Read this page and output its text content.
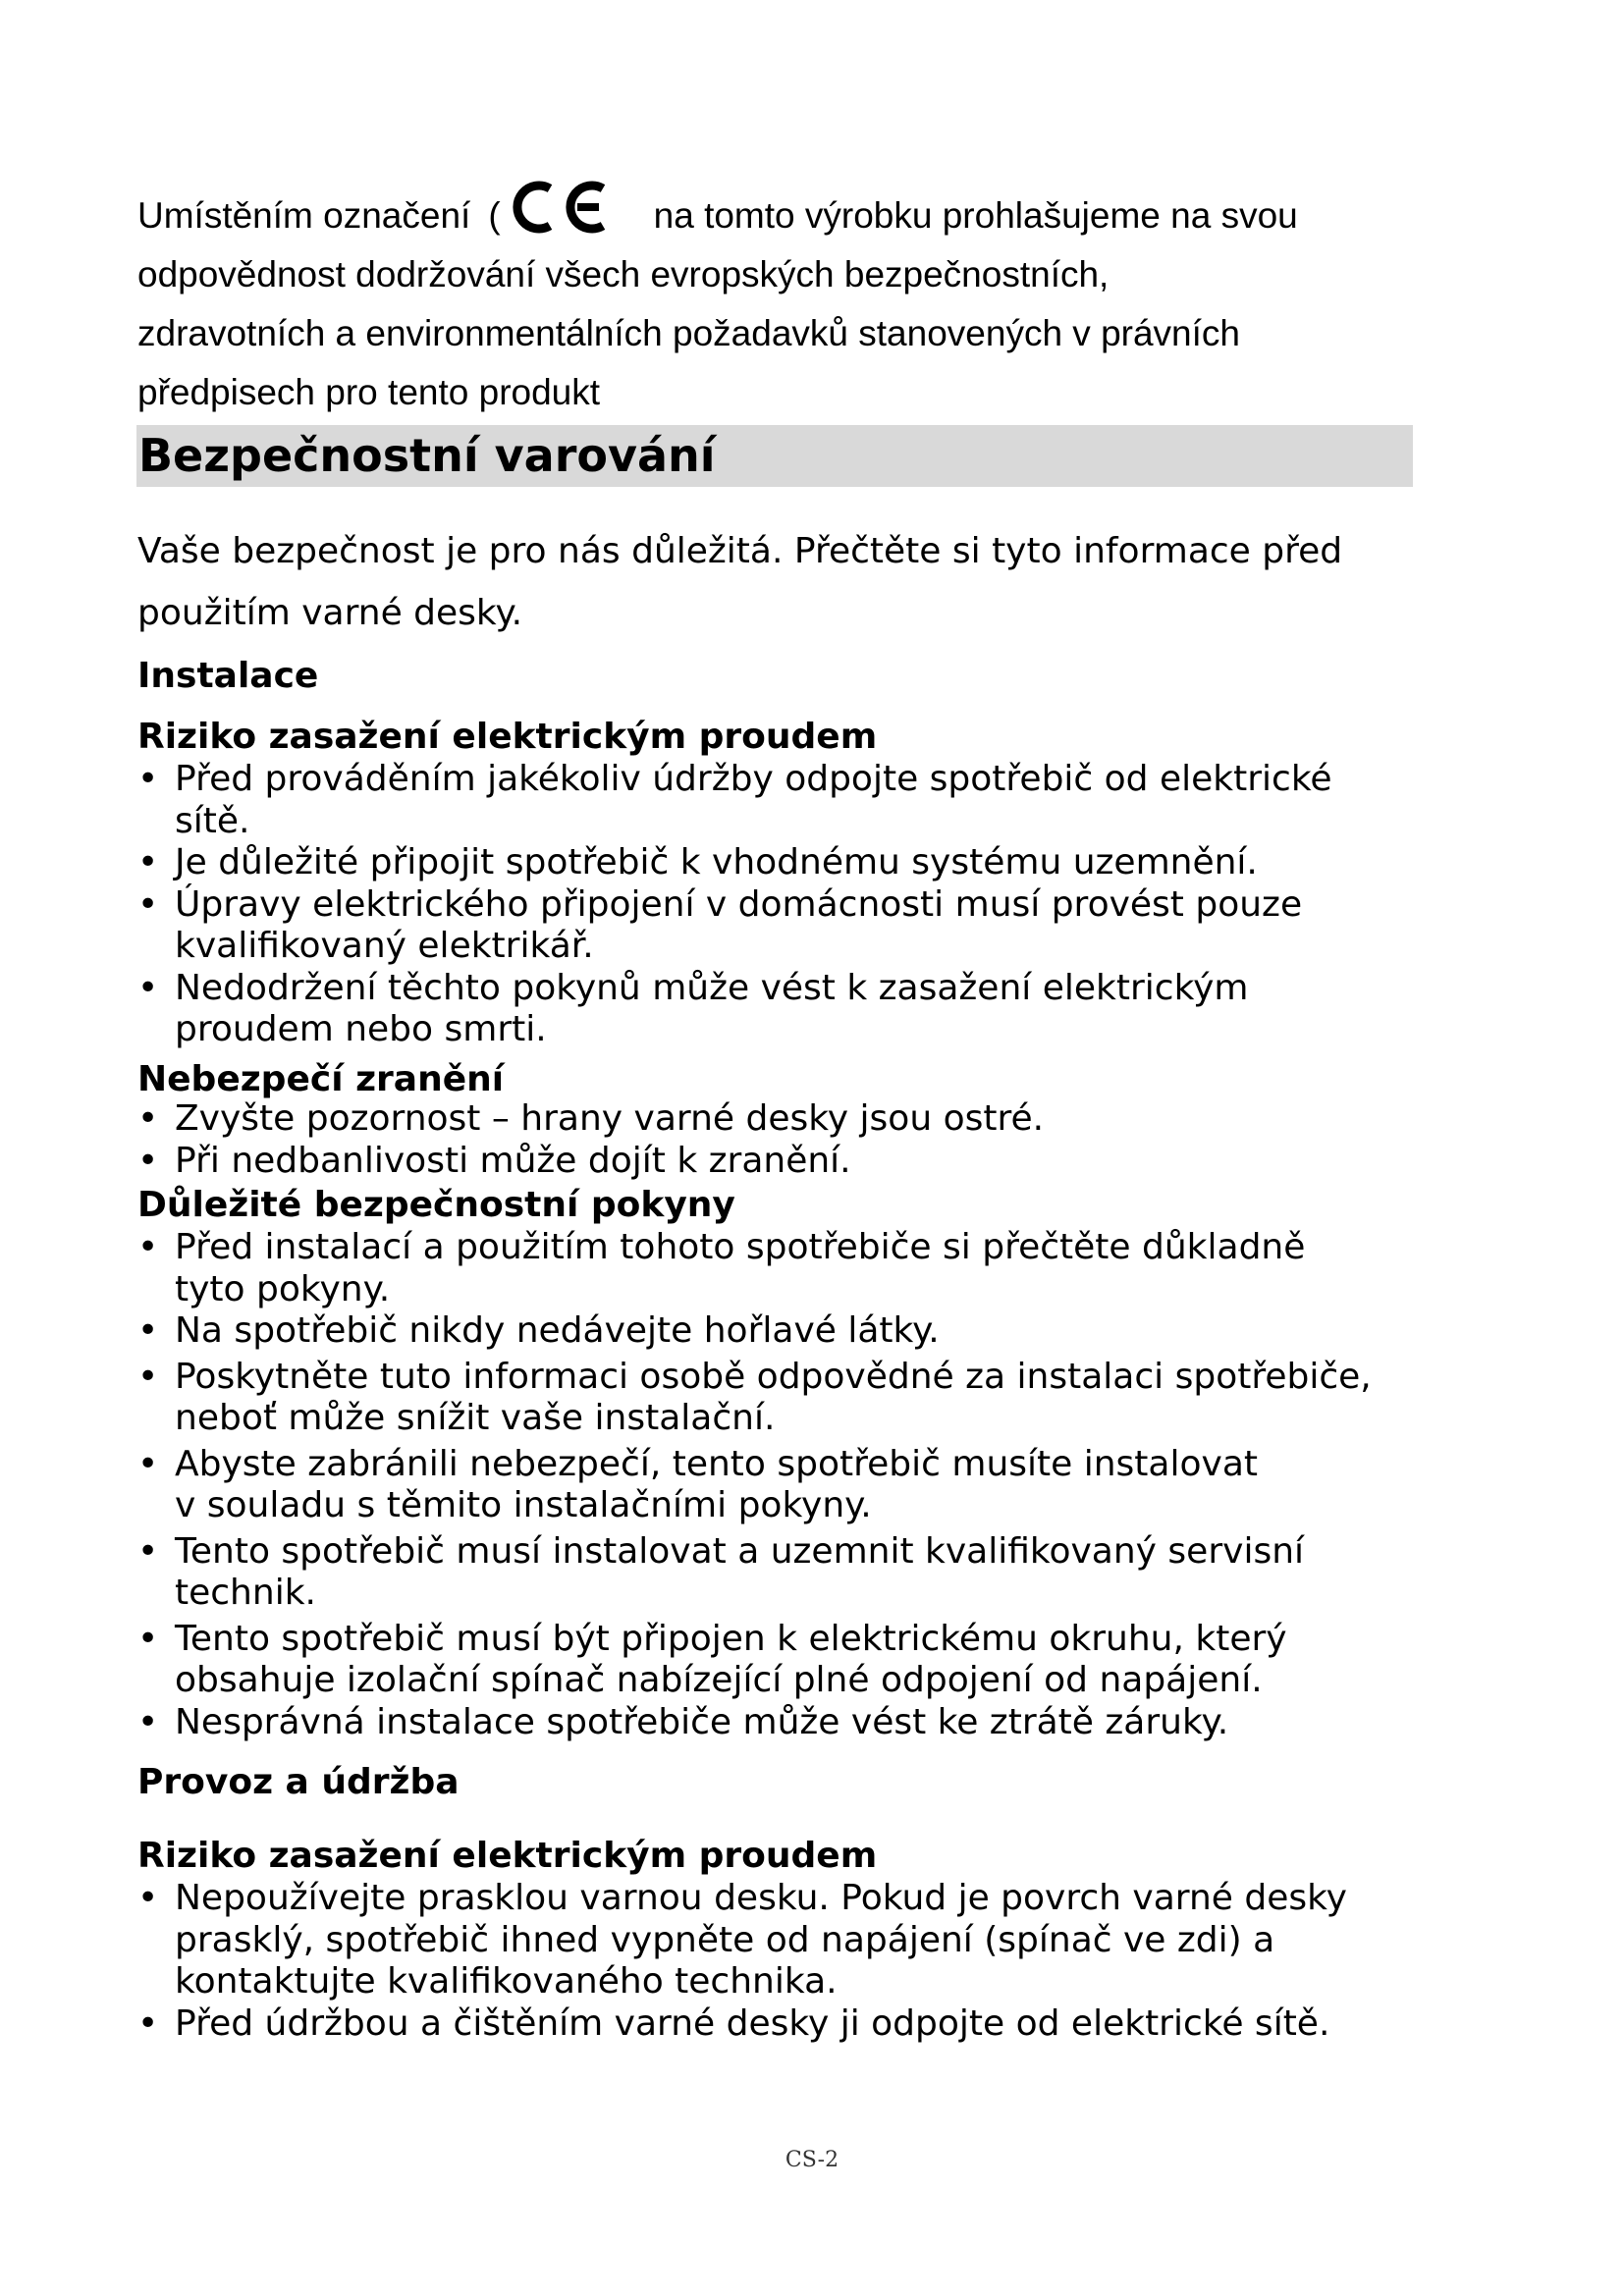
Umístěním označení (	na tomto výrobku prohlašujeme na svou

odpovědnost dodržování všech evropských bezpečnostních,

zdravotních a environmentálních požadavků stanovených v právních

předpisech pro tento produkt

Bezpečnostní varování

Vaše bezpečnost je pro nás důležitá. Přečtěte si tyto informace před

použitím varné desky.

Instalace
Riziko zasažení elektrickým proudem
• Před prováděním jakékoliv údržby odpojte spotřebič od elektrické
sítě.
• Je důležité připojit spotřebič k vhodnému systému uzemnění.
• Úpravy elektrického připojení v domácnosti musí provést pouze
kvalifikovaný elektrikář.
• Nedodržení těchto pokynů může vést k zasažení elektrickým
proudem nebo smrti.
Nebezpečí zranění
• Zvyšte pozornost – hrany varné desky jsou ostré.
• Při nedbanlivosti může dojít k zranění.
Důležité bezpečnostní pokyny
• Před instalací a použitím tohoto spotřebiče si přečtěte důkladně
tyto pokyny.
• Na spotřebič nikdy nedávejte hořlavé látky.
• Poskytněte tuto informaci osobě odpovědné za instalaci spotřebiče,
neboť může snížit vaše instalační.
• Abyste zabránili nebezpečí, tento spotřebič musíte instalovat
v souladu s těmito instalačními pokyny.
• Tento spotřebič musí instalovat a uzemnit kvalifikovaný servisní
technik.
• Tento spotřebič musí být připojen k elektrickému okruhu, který
obsahuje izolační spínač nabízející plné odpojení od napájení.
• Nesprávná instalace spotřebiče může vést ke ztrátě záruky.
Provoz a údržba
Riziko zasažení elektrickým proudem
• Nepoužívejte prasklou varnou desku. Pokud je povrch varné desky
prasklý, spotřebič ihned vypněte od napájení (spínač ve zdi) a
kontaktujte kvalifikovaného technika.
• Před údržbou a čištěním varné desky ji odpojte od elektrické sítě.
CS-2
